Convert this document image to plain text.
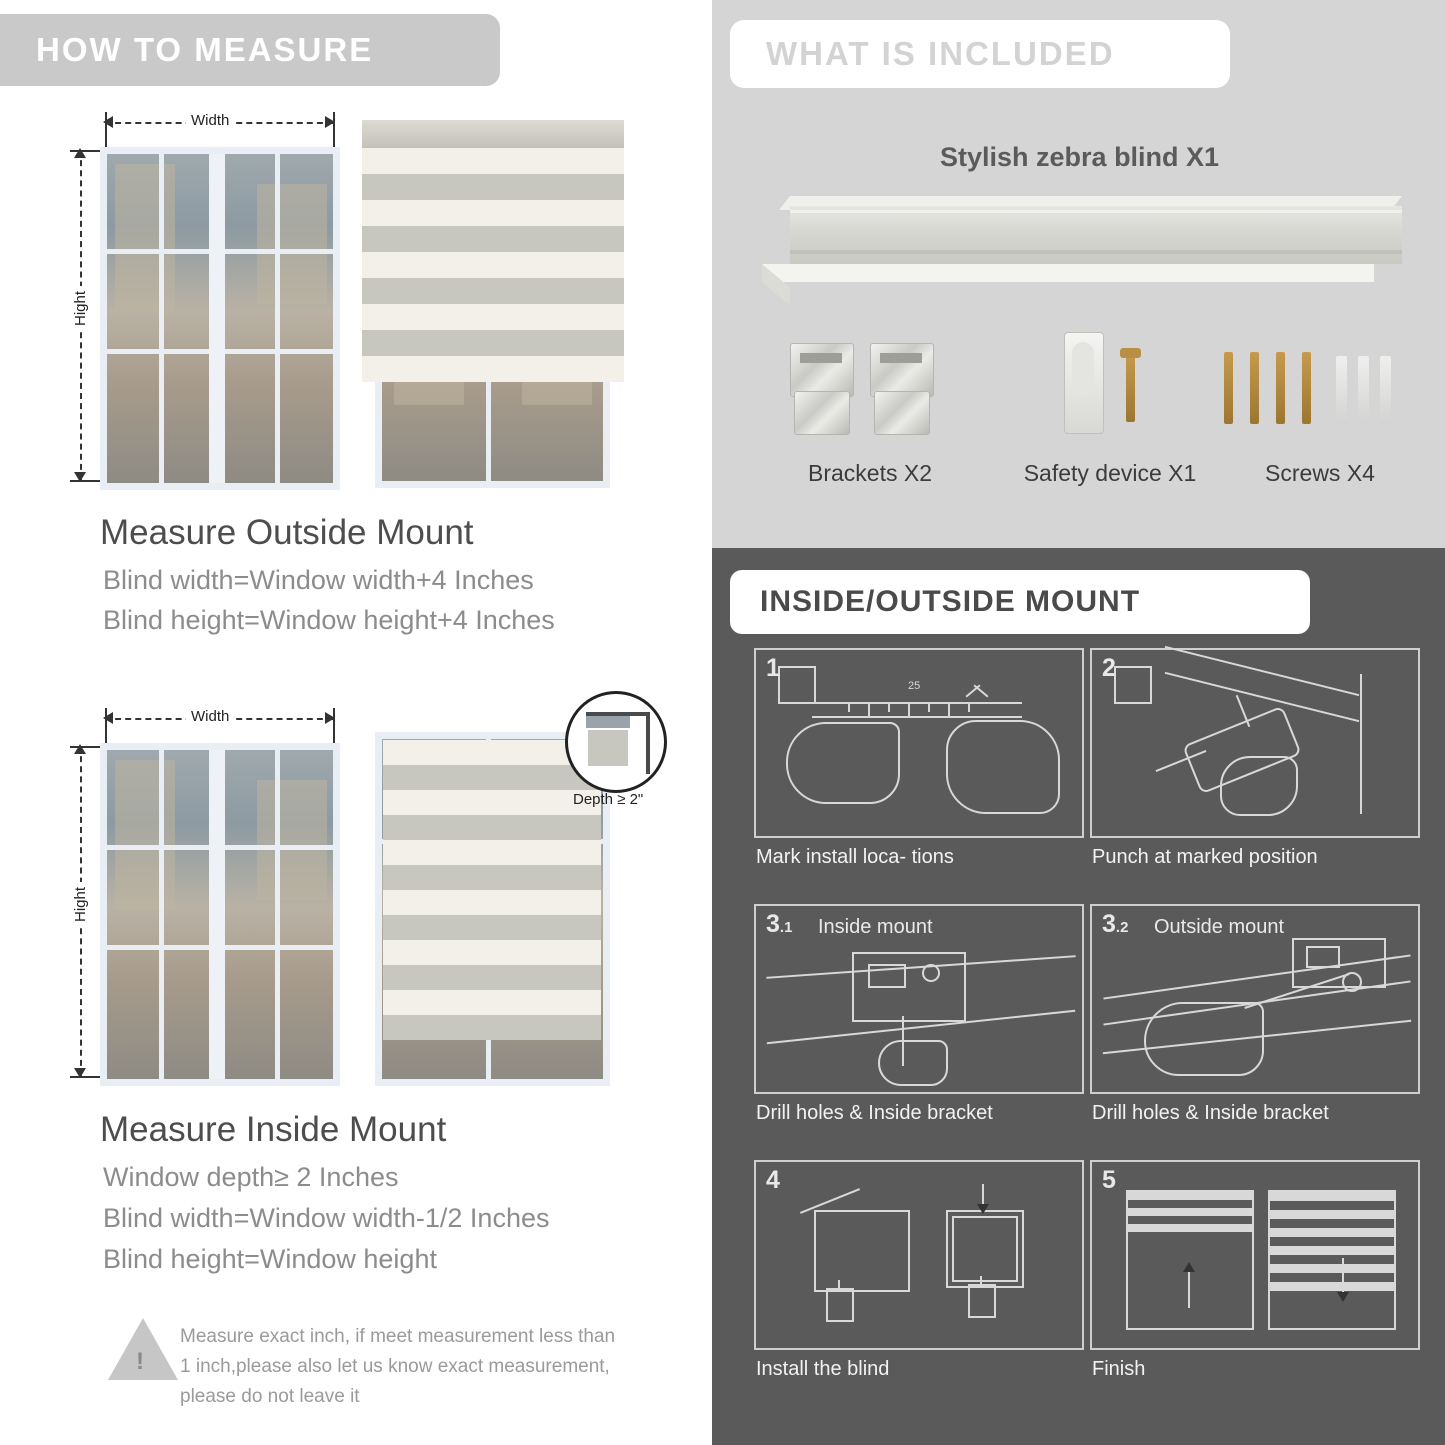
HOW TO MEASURE
Width
Hight
Measure Outside Mount
Blind width=Window width+4 Inches
Blind height=Window height+4 Inches
Width
Hight
Depth ≥ 2"
Measure Inside Mount
Window depth≥ 2 Inches
Blind width=Window width-1/2 Inches
Blind height=Window height
!
Measure exact inch, if meet measurement less than 1 inch,please also let us know exact measurement, please do not leave it
WHAT IS INCLUDED
Stylish zebra blind X1
Brackets X2	Safety device X1	Screws X4
INSIDE/OUTSIDE MOUNT
25
1
Mark install loca- tions
2
Punch at marked position
3.1 Inside mount
Drill holes & Inside bracket
3.2 Outside mount
Drill holes & Inside bracket
4
Install the blind
5
Finish
